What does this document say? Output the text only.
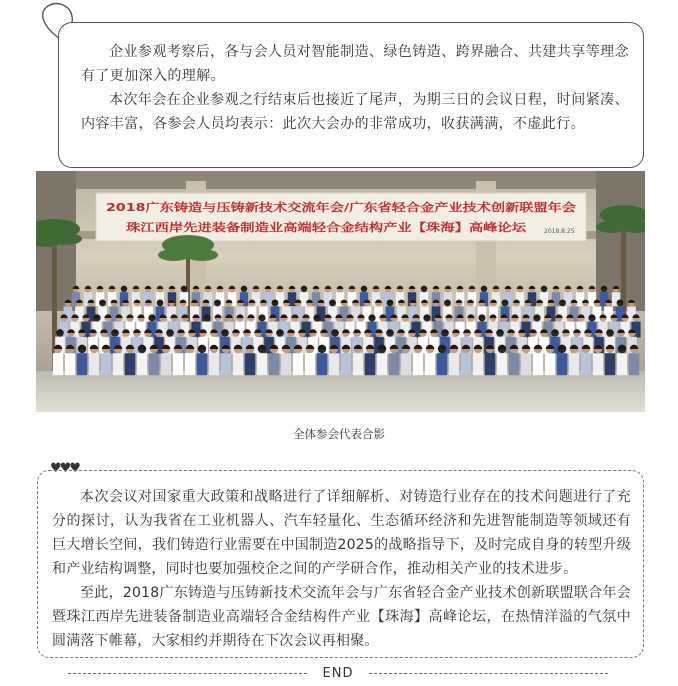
企业参观考察后，各与会人员对智能制造、绿色铸造、跨界融合、共建共享等理念有了更加深入的理解。

本次年会在企业参观之行结束后也接近了尾声，为期三日的会议日程，时间紧凑、内容丰富，各参会人员均表示：此次大会办的非常成功，收获满满，不虚此行。

2018广东铸造与压铸新技术交流年会/广东省轻合金产业技术创新联盟年会
珠江西岸先进装备制造业高端轻合金结构产业【珠海】高峰论坛	2018.8.25
全体参会代表合影
♥♥♥

本次会议对国家重大政策和战略进行了详细解析、对铸造行业存在的技术问题进行了充分的探讨，认为我省在工业机器人、汽车轻量化、生态循环经济和先进智能制造等领域还有巨大增长空间，我们铸造行业需要在中国制造2025的战略指导下，及时完成自身的转型升级和产业结构调整，同时也要加强校企之间的产学研合作，推动相关产业的技术进步。

至此，2018广东铸造与压铸新技术交流年会与广东省轻合金产业技术创新联盟联合年会暨珠江西岸先进装备制造业高端轻合金结构件产业【珠海】高峰论坛，在热情洋溢的气氛中圆满落下帷幕，大家相约并期待在下次会议再相聚。

END
